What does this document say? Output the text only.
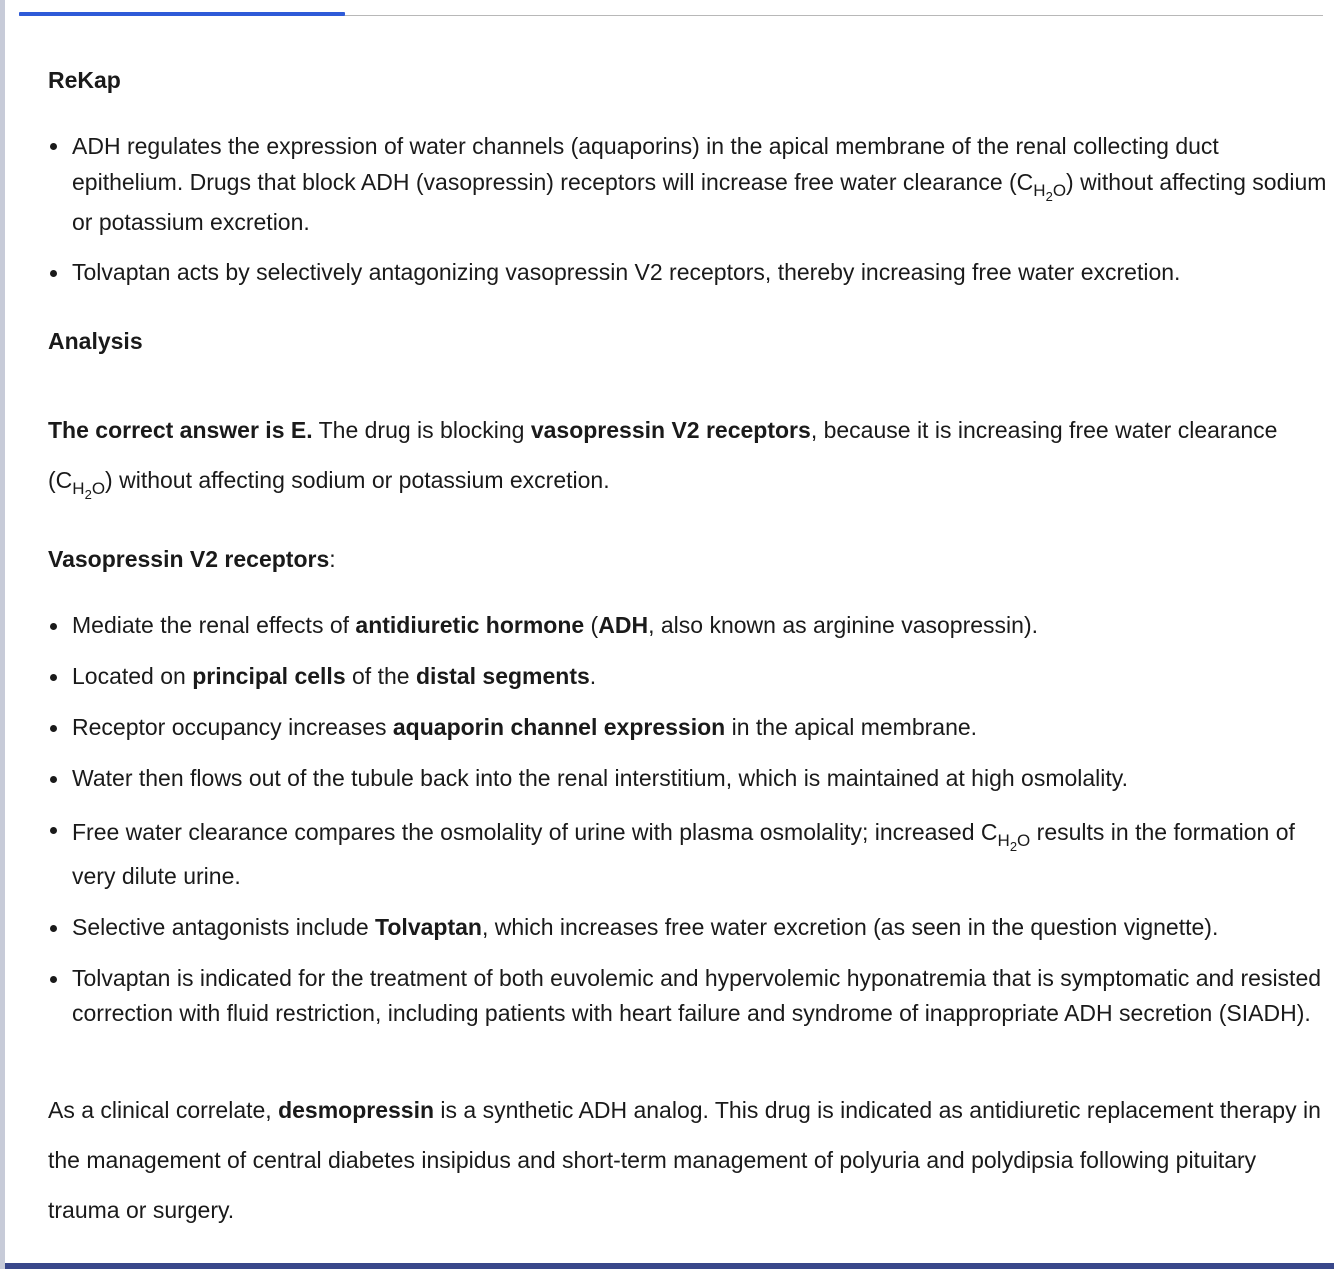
ReKap
ADH regulates the expression of water channels (aquaporins) in the apical membrane of the renal collecting duct epithelium. Drugs that block ADH (vasopressin) receptors will increase free water clearance $(C_{H_2O})$ without affecting sodium or potassium excretion.
Tolvaptan acts by selectively antagonizing vasopressin V2 receptors, thereby increasing free water excretion.
Analysis

The correct answer is E. The drug is blocking vasopressin V2 receptors, because it is increasing free water clearance $(C_{H_2O})$ without affecting sodium or potassium excretion.

Vasopressin V2 receptors:
Mediate the renal effects of antidiuretic hormone (ADH, also known as arginine vasopressin).
Located on principal cells of the distal segments.
Receptor occupancy increases aquaporin channel expression in the apical membrane.
Water then flows out of the tubule back into the renal interstitium, which is maintained at high osmolality.
Free water clearance compares the osmolality of urine with plasma osmolality; increased $C_{H_2O}$ results in the formation of very dilute urine.
Selective antagonists include Tolvaptan, which increases free water excretion (as seen in the question vignette).
Tolvaptan is indicated for the treatment of both euvolemic and hypervolemic hyponatremia that is symptomatic and resisted correction with fluid restriction, including patients with heart failure and syndrome of inappropriate ADH secretion (SIADH).

As a clinical correlate, desmopressin is a synthetic ADH analog. This drug is indicated as antidiuretic replacement therapy in the management of central diabetes insipidus and short-term management of polyuria and polydipsia following pituitary trauma or surgery.
